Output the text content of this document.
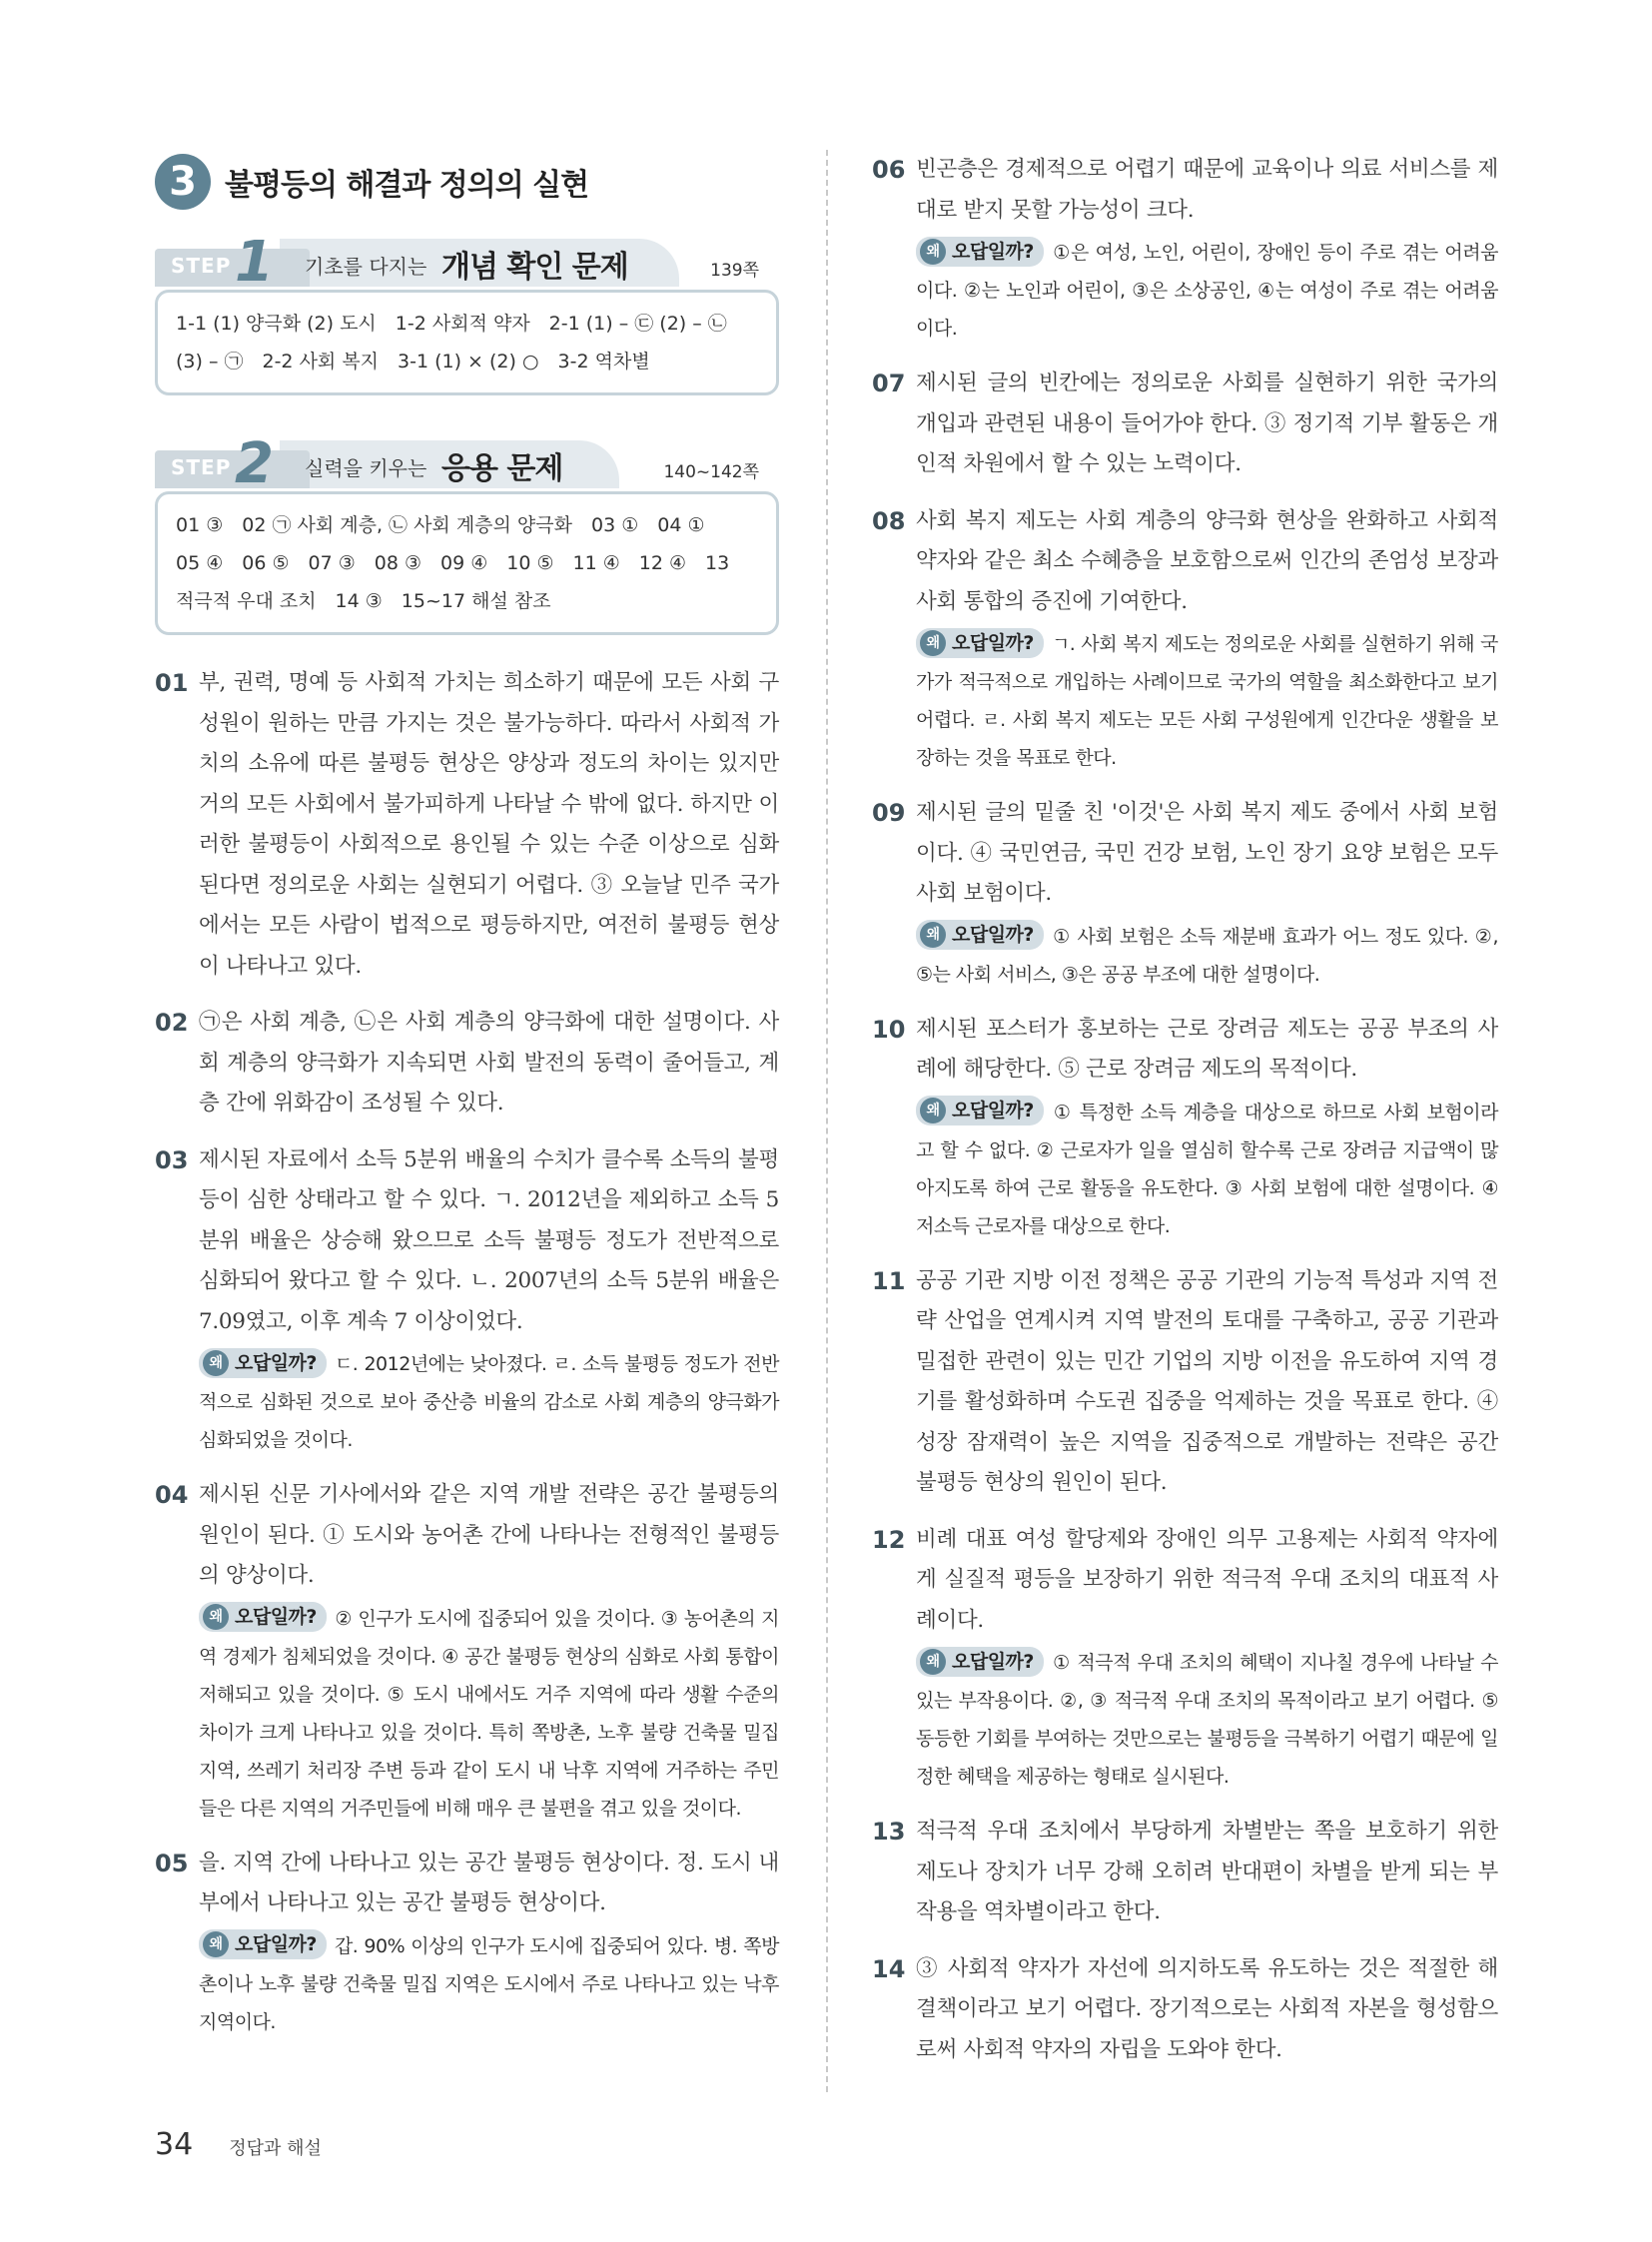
3 불평등의 해결과 정의의 실현
STEP 1 기초를 다지는 개념 확인 문제	139쪽
1-1 (1) 양극화 (2) 도시　1-2 사회적 약자　2-1 (1) – ㉢ (2) – ㉡
(3) – ㉠　2-2 사회 복지　3-1 (1) × (2) ○　3-2 역차별
STEP 2 실력을 키우는 응용 문제	140~142쪽
01 ③　02 ㉠ 사회 계층, ㉡ 사회 계층의 양극화　03 ①　04 ①
05 ④　06 ⑤　07 ③　08 ③　09 ④　10 ⑤　11 ④　12 ④　13
적극적 우대 조치　14 ③　15~17 해설 참조
01 부, 권력, 명예 등 사회적 가치는 희소하기 때문에 모든 사회 구성원이 원하는 만큼 가지는 것은 불가능하다. 따라서 사회적 가치의 소유에 따른 불평등 현상은 양상과 정도의 차이는 있지만 거의 모든 사회에서 불가피하게 나타날 수 밖에 없다. 하지만 이러한 불평등이 사회적으로 용인될 수 있는 수준 이상으로 심화된다면 정의로운 사회는 실현되기 어렵다. ③ 오늘날 민주 국가에서는 모든 사람이 법적으로 평등하지만, 여전히 불평등 현상이 나타나고 있다.
02 ㉠은 사회 계층, ㉡은 사회 계층의 양극화에 대한 설명이다. 사회 계층의 양극화가 지속되면 사회 발전의 동력이 줄어들고, 계층 간에 위화감이 조성될 수 있다.
03 제시된 자료에서 소득 5분위 배율의 수치가 클수록 소득의 불평등이 심한 상태라고 할 수 있다. ㄱ. 2012년을 제외하고 소득 5분위 배율은 상승해 왔으므로 소득 불평등 정도가 전반적으로 심화되어 왔다고 할 수 있다. ㄴ. 2007년의 소득 5분위 배율은 7.09였고, 이후 계속 7 이상이었다.
왜 오답일까? ㄷ. 2012년에는 낮아졌다. ㄹ. 소득 불평등 정도가 전반적으로 심화된 것으로 보아 중산층 비율의 감소로 사회 계층의 양극화가 심화되었을 것이다.
04 제시된 신문 기사에서와 같은 지역 개발 전략은 공간 불평등의 원인이 된다. ① 도시와 농어촌 간에 나타나는 전형적인 불평등의 양상이다.
왜 오답일까? ② 인구가 도시에 집중되어 있을 것이다. ③ 농어촌의 지역 경제가 침체되었을 것이다. ④ 공간 불평등 현상의 심화로 사회 통합이 저해되고 있을 것이다. ⑤ 도시 내에서도 거주 지역에 따라 생활 수준의 차이가 크게 나타나고 있을 것이다. 특히 쪽방촌, 노후 불량 건축물 밀집 지역, 쓰레기 처리장 주변 등과 같이 도시 내 낙후 지역에 거주하는 주민들은 다른 지역의 거주민들에 비해 매우 큰 불편을 겪고 있을 것이다.
05 을. 지역 간에 나타나고 있는 공간 불평등 현상이다. 정. 도시 내부에서 나타나고 있는 공간 불평등 현상이다.
왜 오답일까? 갑. 90% 이상의 인구가 도시에 집중되어 있다. 병. 쪽방촌이나 노후 불량 건축물 밀집 지역은 도시에서 주로 나타나고 있는 낙후 지역이다.
06 빈곤층은 경제적으로 어렵기 때문에 교육이나 의료 서비스를 제대로 받지 못할 가능성이 크다.
왜 오답일까? ①은 여성, 노인, 어린이, 장애인 등이 주로 겪는 어려움이다. ②는 노인과 어린이, ③은 소상공인, ④는 여성이 주로 겪는 어려움이다.
07 제시된 글의 빈칸에는 정의로운 사회를 실현하기 위한 국가의 개입과 관련된 내용이 들어가야 한다. ③ 정기적 기부 활동은 개인적 차원에서 할 수 있는 노력이다.
08 사회 복지 제도는 사회 계층의 양극화 현상을 완화하고 사회적 약자와 같은 최소 수혜층을 보호함으로써 인간의 존엄성 보장과 사회 통합의 증진에 기여한다.
왜 오답일까? ㄱ. 사회 복지 제도는 정의로운 사회를 실현하기 위해 국가가 적극적으로 개입하는 사례이므로 국가의 역할을 최소화한다고 보기 어렵다. ㄹ. 사회 복지 제도는 모든 사회 구성원에게 인간다운 생활을 보장하는 것을 목표로 한다.
09 제시된 글의 밑줄 친 '이것'은 사회 복지 제도 중에서 사회 보험이다. ④ 국민연금, 국민 건강 보험, 노인 장기 요양 보험은 모두 사회 보험이다.
왜 오답일까? ① 사회 보험은 소득 재분배 효과가 어느 정도 있다. ②, ⑤는 사회 서비스, ③은 공공 부조에 대한 설명이다.
10 제시된 포스터가 홍보하는 근로 장려금 제도는 공공 부조의 사례에 해당한다. ⑤ 근로 장려금 제도의 목적이다.
왜 오답일까? ① 특정한 소득 계층을 대상으로 하므로 사회 보험이라고 할 수 없다. ② 근로자가 일을 열심히 할수록 근로 장려금 지급액이 많아지도록 하여 근로 활동을 유도한다. ③ 사회 보험에 대한 설명이다. ④ 저소득 근로자를 대상으로 한다.
11 공공 기관 지방 이전 정책은 공공 기관의 기능적 특성과 지역 전략 산업을 연계시켜 지역 발전의 토대를 구축하고, 공공 기관과 밀접한 관련이 있는 민간 기업의 지방 이전을 유도하여 지역 경기를 활성화하며 수도권 집중을 억제하는 것을 목표로 한다. ④ 성장 잠재력이 높은 지역을 집중적으로 개발하는 전략은 공간 불평등 현상의 원인이 된다.
12 비례 대표 여성 할당제와 장애인 의무 고용제는 사회적 약자에게 실질적 평등을 보장하기 위한 적극적 우대 조치의 대표적 사례이다.
왜 오답일까? ① 적극적 우대 조치의 혜택이 지나칠 경우에 나타날 수 있는 부작용이다. ②, ③ 적극적 우대 조치의 목적이라고 보기 어렵다. ⑤ 동등한 기회를 부여하는 것만으로는 불평등을 극복하기 어렵기 때문에 일정한 혜택을 제공하는 형태로 실시된다.
13 적극적 우대 조치에서 부당하게 차별받는 쪽을 보호하기 위한 제도나 장치가 너무 강해 오히려 반대편이 차별을 받게 되는 부작용을 역차별이라고 한다.
14 ③ 사회적 약자가 자선에 의지하도록 유도하는 것은 적절한 해결책이라고 보기 어렵다. 장기적으로는 사회적 자본을 형성함으로써 사회적 약자의 자립을 도와야 한다.
34 정답과 해설
